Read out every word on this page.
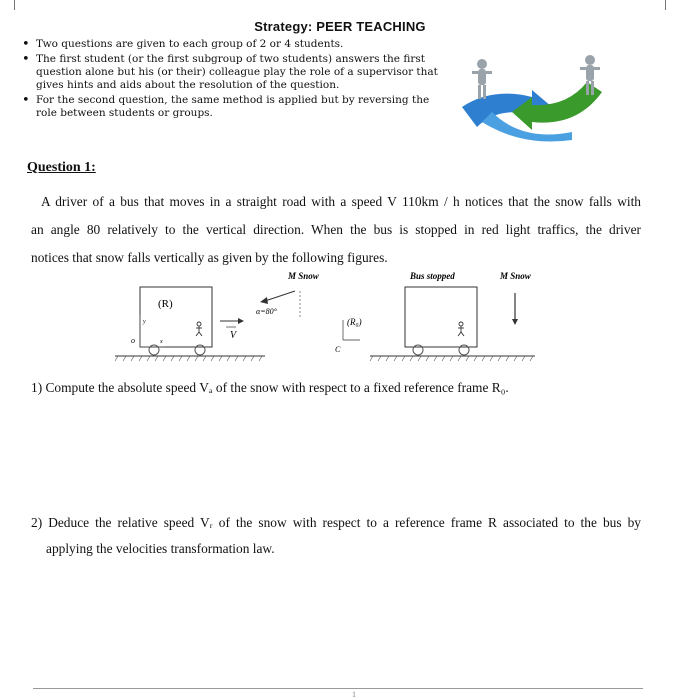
Strategy: PEER TEACHING
• Two questions are given to each group of 2 or 4 students.
• The first student (or the first subgroup of two students) answers the first question alone but his (or their) colleague play the role of a supervisor that gives hints and aids about the resolution of the question.
• For the second question, the same method is applied but by reversing the role between students or groups.
Question 1:
A driver of a bus that moves in a straight road with a speed V 110km / h notices that the snow falls with
an angle 80 relatively to the vertical direction. When the bus is stopped in red light traffics, the driver
notices that snow falls vertically as given by the following figures.
(R)
y
x
o	V
M Snow
α=80°
Bus stopped	M Snow
(R₀)
C
1) Compute the absolute speed Vₐ of the snow with respect to a fixed reference frame R₀.
2) Deduce the relative speed Vᵣ of the snow with respect to a reference frame R associated to the bus by
applying the velocities transformation law.
1
